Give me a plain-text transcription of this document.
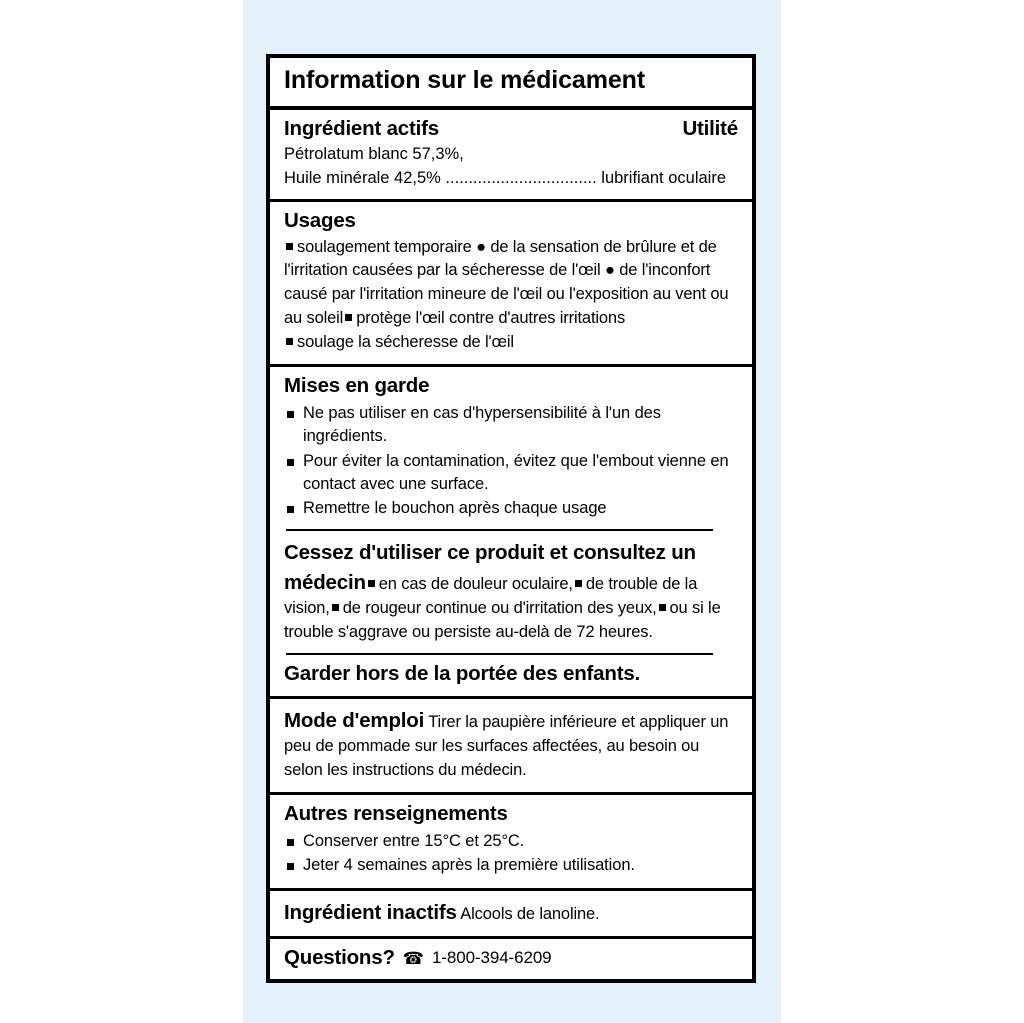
Information sur le médicament
Ingrédient actifs	Utilité
Pétrolatum blanc 57,3%,
Huile minérale 42,5% ................................. lubrifiant oculaire
Usages
soulagement temporaire ● de la sensation de brûlure et de l'irritation causées par la sécheresse de l'œil ● de l'inconfort causé par l'irritation mineure de l'œil ou l'exposition au vent ou au soleil protège l'œil contre d'autres irritations
soulage la sécheresse de l'œil
Mises en garde
Ne pas utiliser en cas d'hypersensibilité à l'un des ingrédients.
Pour éviter la contamination, évitez que l'embout vienne en contact avec une surface.
Remettre le bouchon après chaque usage
Cessez d'utiliser ce produit et consultez un médecin en cas de douleur oculaire, de trouble de la vision, de rougeur continue ou d'irritation des yeux, ou si le trouble s'aggrave ou persiste au-delà de 72 heures.
Garder hors de la portée des enfants.
Mode d'emploi Tirer la paupière inférieure et appliquer un peu de pommade sur les surfaces affectées, au besoin ou selon les instructions du médecin.
Autres renseignements
Conserver entre 15°C et 25°C.
Jeter 4 semaines après la première utilisation.
Ingrédient inactifs Alcools de lanoline.
Questions? ☎ 1-800-394-6209
